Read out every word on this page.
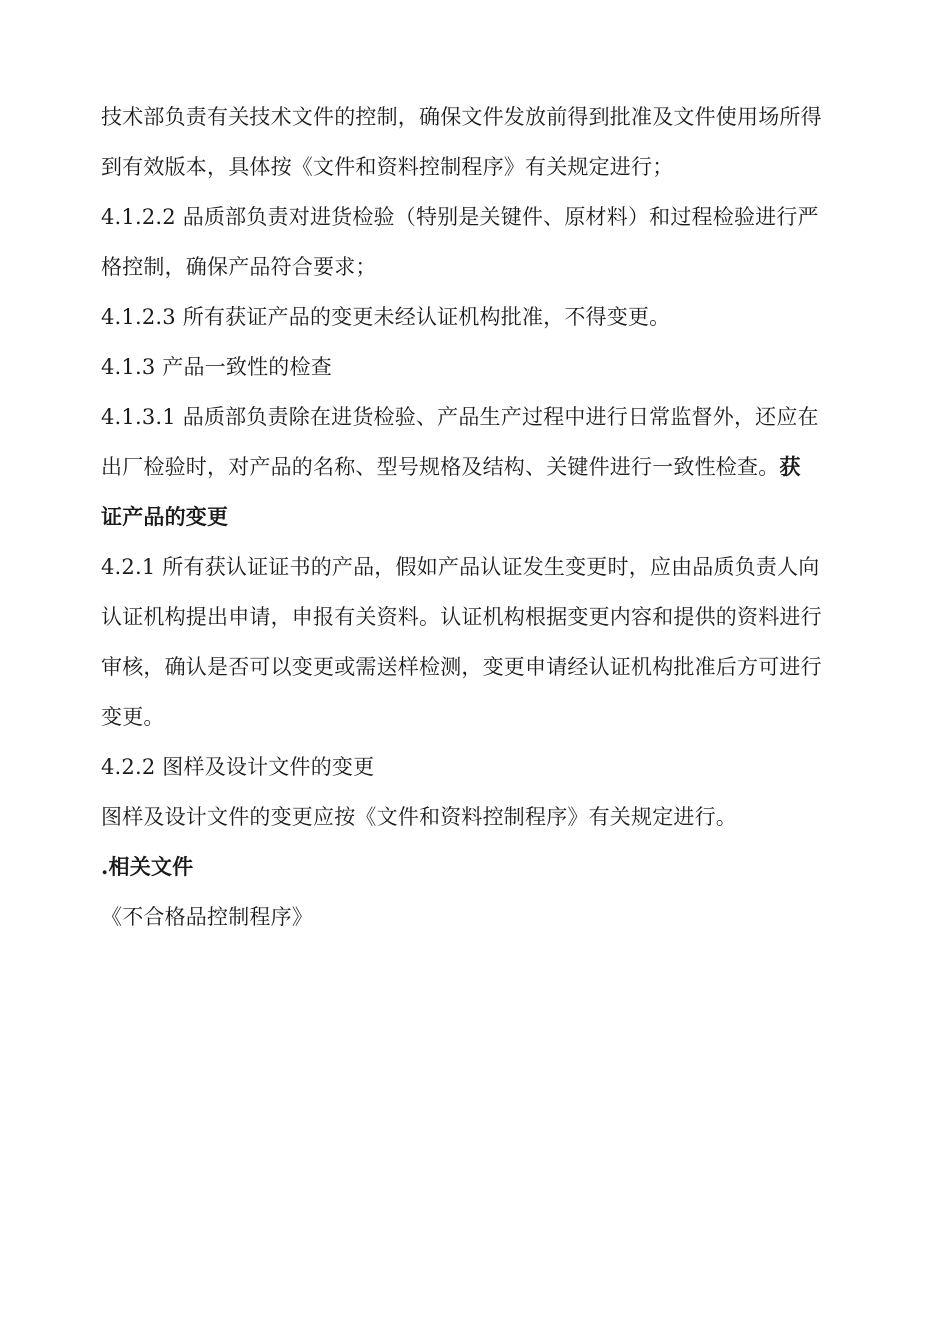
技术部负责有关技术文件的控制，确保文件发放前得到批准及文件使用场所得
到有效版本，具体按《文件和资料控制程序》有关规定进行；
4.1.2.2 品质部负责对进货检验（特别是关键件、原材料）和过程检验进行严
格控制，确保产品符合要求；
4.1.2.3 所有获证产品的变更未经认证机构批准，不得变更。
4.1.3 产品一致性的检查
4.1.3.1 品质部负责除在进货检验、产品生产过程中进行日常监督外，还应在
出厂检验时，对产品的名称、型号规格及结构、关键件进行一致性检查。获
证产品的变更
4.2.1 所有获认证证书的产品，假如产品认证发生变更时，应由品质负责人向
认证机构提出申请，申报有关资料。认证机构根据变更内容和提供的资料进行
审核，确认是否可以变更或需送样检测，变更申请经认证机构批准后方可进行
变更。
4.2.2 图样及设计文件的变更
图样及设计文件的变更应按《文件和资料控制程序》有关规定进行。
.相关文件
《不合格品控制程序》
